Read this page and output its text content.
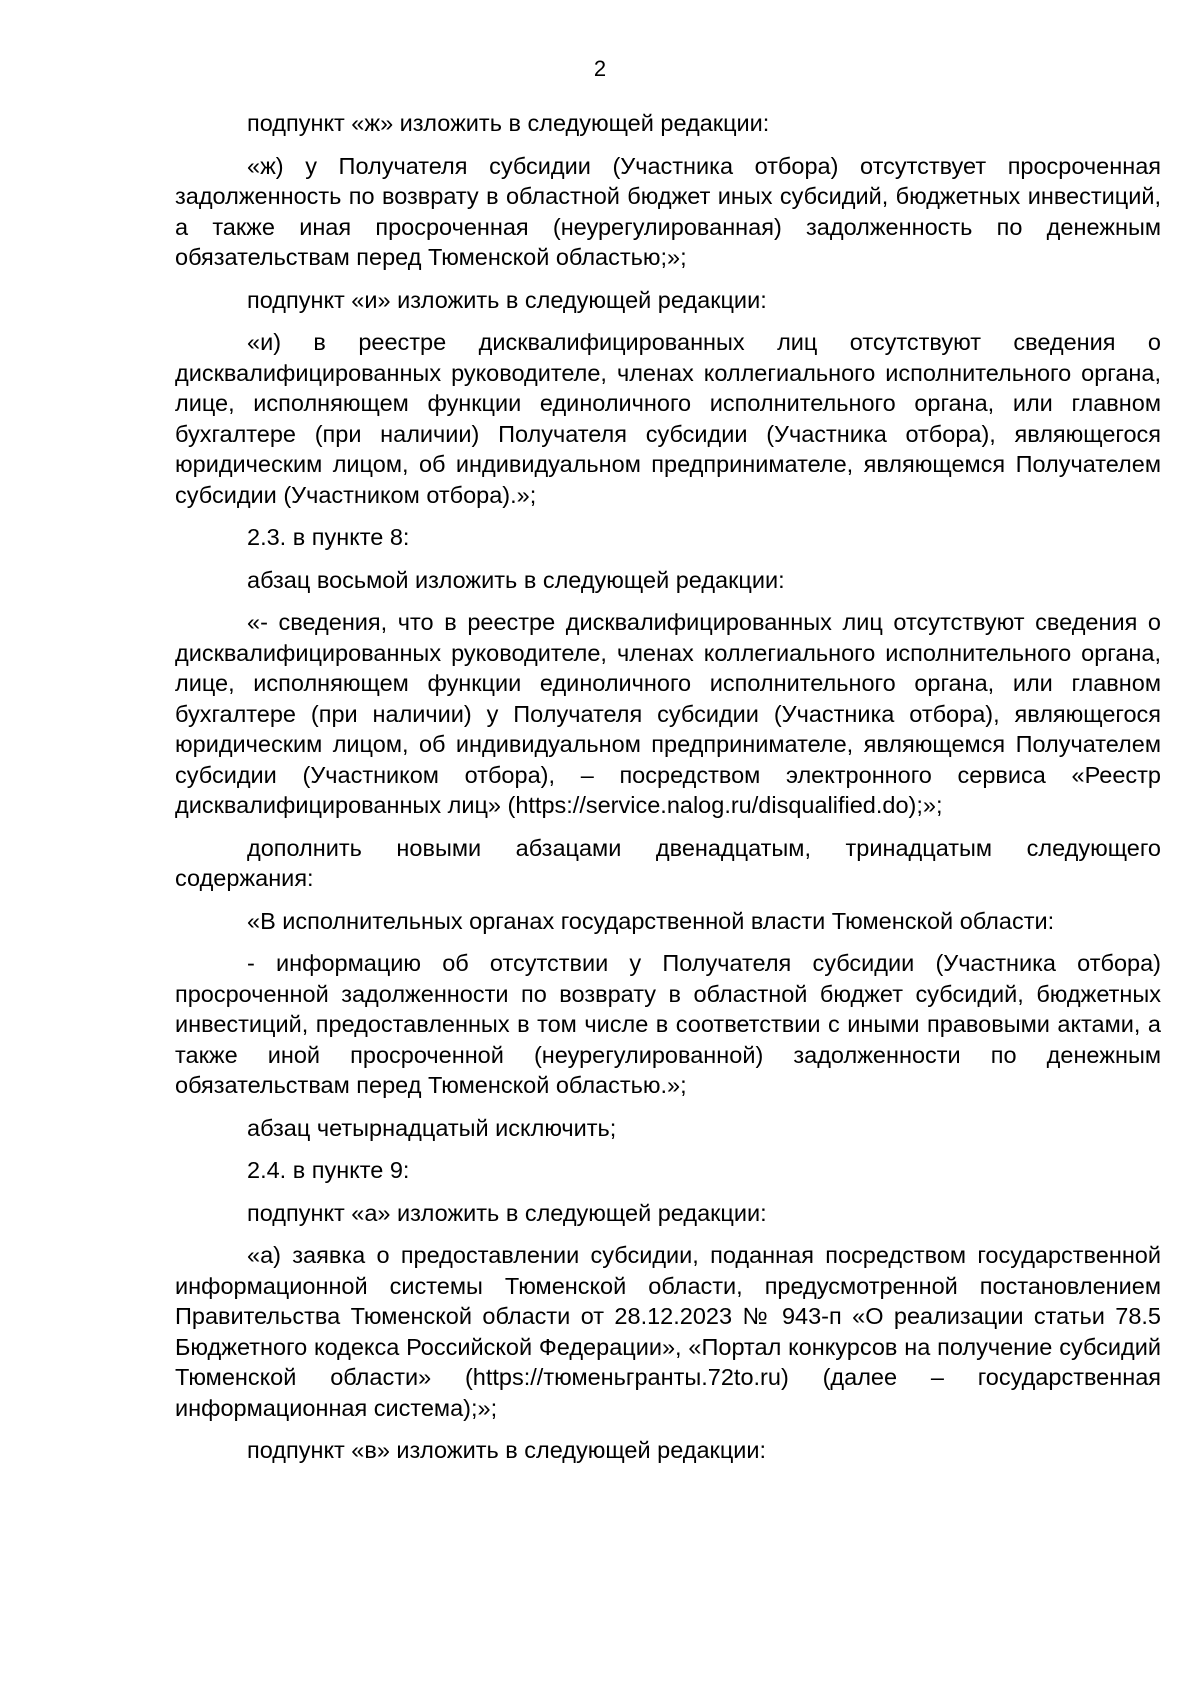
2

подпункт «ж» изложить в следующей редакции:

«ж) у Получателя субсидии (Участника отбора) отсутствует просроченная задолженность по возврату в областной бюджет иных субсидий, бюджетных инвестиций, а также иная просроченная (неурегулированная) задолженность по денежным обязательствам перед Тюменской областью;»;

подпункт «и» изложить в следующей редакции:

«и) в реестре дисквалифицированных лиц отсутствуют сведения о дисквалифицированных руководителе, членах коллегиального исполнительного органа, лице, исполняющем функции единоличного исполнительного органа, или главном бухгалтере (при наличии) Получателя субсидии (Участника отбора), являющегося юридическим лицом, об индивидуальном предпринимателе, являющемся Получателем субсидии (Участником отбора).»;

2.3. в пункте 8:

абзац восьмой изложить в следующей редакции:

«- сведения, что в реестре дисквалифицированных лиц отсутствуют сведения о дисквалифицированных руководителе, членах коллегиального исполнительного органа, лице, исполняющем функции единоличного исполнительного органа, или главном бухгалтере (при наличии) у Получателя субсидии (Участника отбора), являющегося юридическим лицом, об индивидуальном предпринимателе, являющемся Получателем субсидии (Участником отбора), – посредством электронного сервиса «Реестр дисквалифицированных лиц» (https://service.nalog.ru/disqualified.do);»;

дополнить новыми абзацами двенадцатым, тринадцатым следующего содержания:

«В исполнительных органах государственной власти Тюменской области:

- информацию об отсутствии у Получателя субсидии (Участника отбора) просроченной задолженности по возврату в областной бюджет субсидий, бюджетных инвестиций, предоставленных в том числе в соответствии с иными правовыми актами, а также иной просроченной (неурегулированной) задолженности по денежным обязательствам перед Тюменской областью.»;

абзац четырнадцатый исключить;

2.4. в пункте 9:

подпункт «а» изложить в следующей редакции:

«а) заявка о предоставлении субсидии, поданная посредством государственной информационной системы Тюменской области, предусмотренной постановлением Правительства Тюменской области от 28.12.2023 № 943-п «О реализации статьи 78.5 Бюджетного кодекса Российской Федерации», «Портал конкурсов на получение субсидий Тюменской области» (https://тюменьгранты.72to.ru) (далее – государственная информационная система);»;

подпункт «в» изложить в следующей редакции:
